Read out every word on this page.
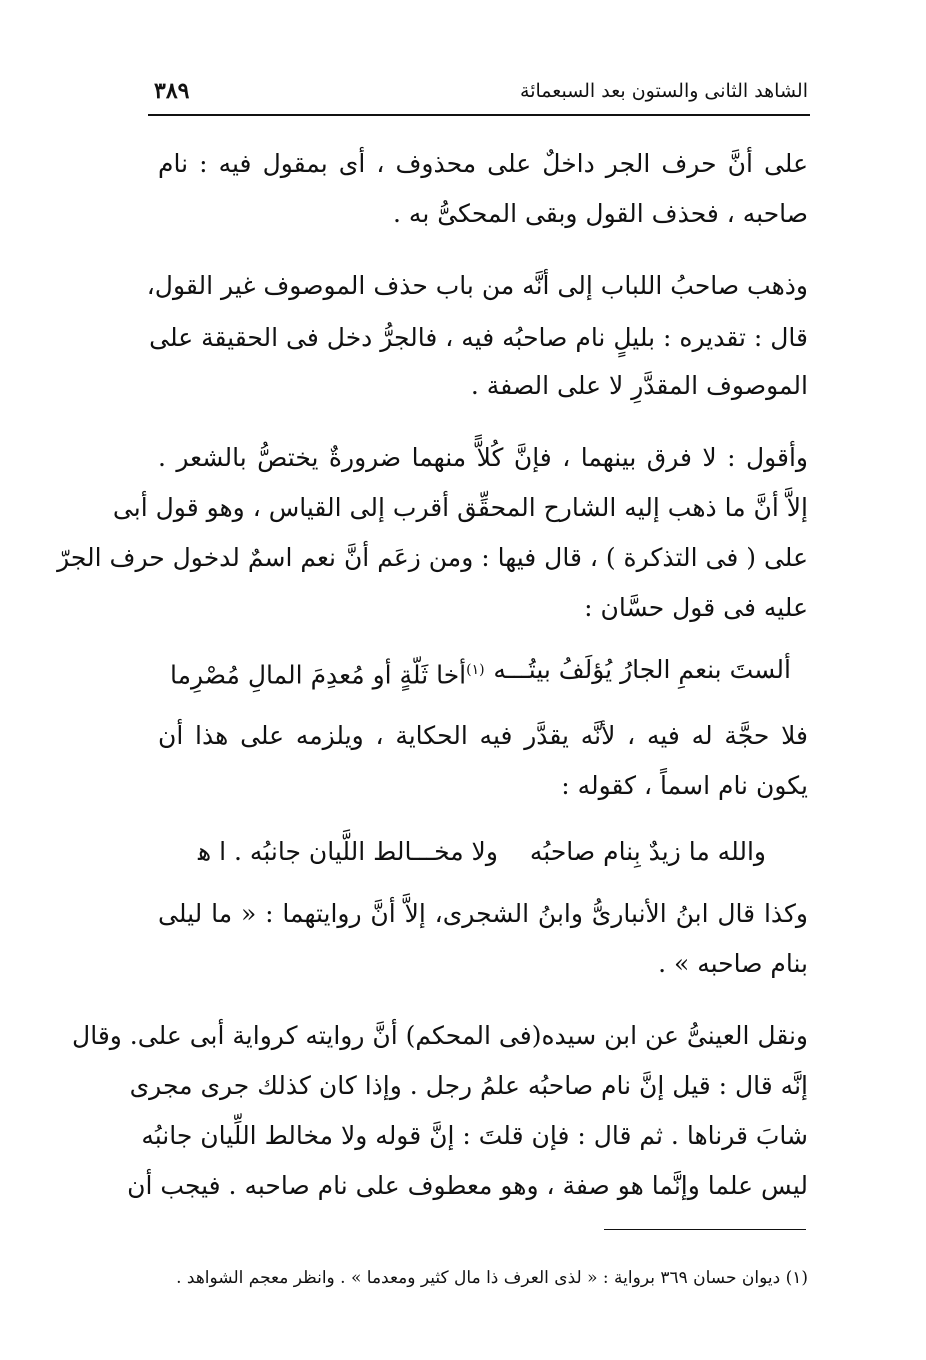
الشاهد الثانى والستون بعد السبعمائة
٣٨٩
على أنَّ حرف الجر داخلٌ على محذوف ، أى بمقول فيه : نام
صاحبه ، فحذف القول وبقى المحكىُّ به .
وذهب صاحبُ اللباب إلى أنَّه من باب حذف الموصوف غير القول،
قال : تقديره : بليلٍ نام صاحبُه فيه ، فالجرُّ دخل فى الحقيقة على
الموصوف المقدَّرِ لا على الصفة .
وأقول : لا فرق بينهما ، فإنَّ كُلاًّ منهما ضرورةٌ يختصُّ بالشعر .
إلاَّ أنَّ ما ذهب إليه الشارح المحقِّق أقرب إلى القياس ، وهو قول أبى
على ( فى التذكرة ) ، قال فيها : ومن زعَم أنَّ نعم اسمٌ لدخول حرف الجرّ
عليه فى قول حسَّان :
ألستَ بنعمِ الجارُ يُؤلَفُ بيتُـــه
$^{(١)}$أخا ثَلّةٍ أو مُعدِمَ المالِ مُصْرِما
فلا حجَّة له فيه ، لأنَّه يقدَّر فيه الحكاية ، ويلزمه على هذا أن
يكون نام اسماً ، كقوله :
والله ما زيدٌ بِنام صاحبُه
ولا مخـــالط اللَّيان جانبُه . ا ﻫ
وكذا قال ابنُ الأنبارىُّ وابنُ الشجرى، إلاَّ أنَّ روايتهما : « ما ليلى
بنام صاحبه » .
ونقل العينىُّ عن ابن سيده(فى المحكم) أنَّ روايته كرواية أبى على. وقال
إنَّه قال : قيل إنَّ نام صاحبُه علمُ رجل . وإذا كان كذلك جرى مجرى
شابَ قرناها . ثم قال : فإن قلتَ : إنَّ قوله ولا مخالط اللِّيان جانبُه
ليس علما وإنَّما هو صفة ، وهو معطوف على نام صاحبه . فيجب أن
(١) ديوان حسان ٣٦٩ برواية : « لذى العرف ذا مال كثير ومعدما » . وانظر معجم الشواهد .
